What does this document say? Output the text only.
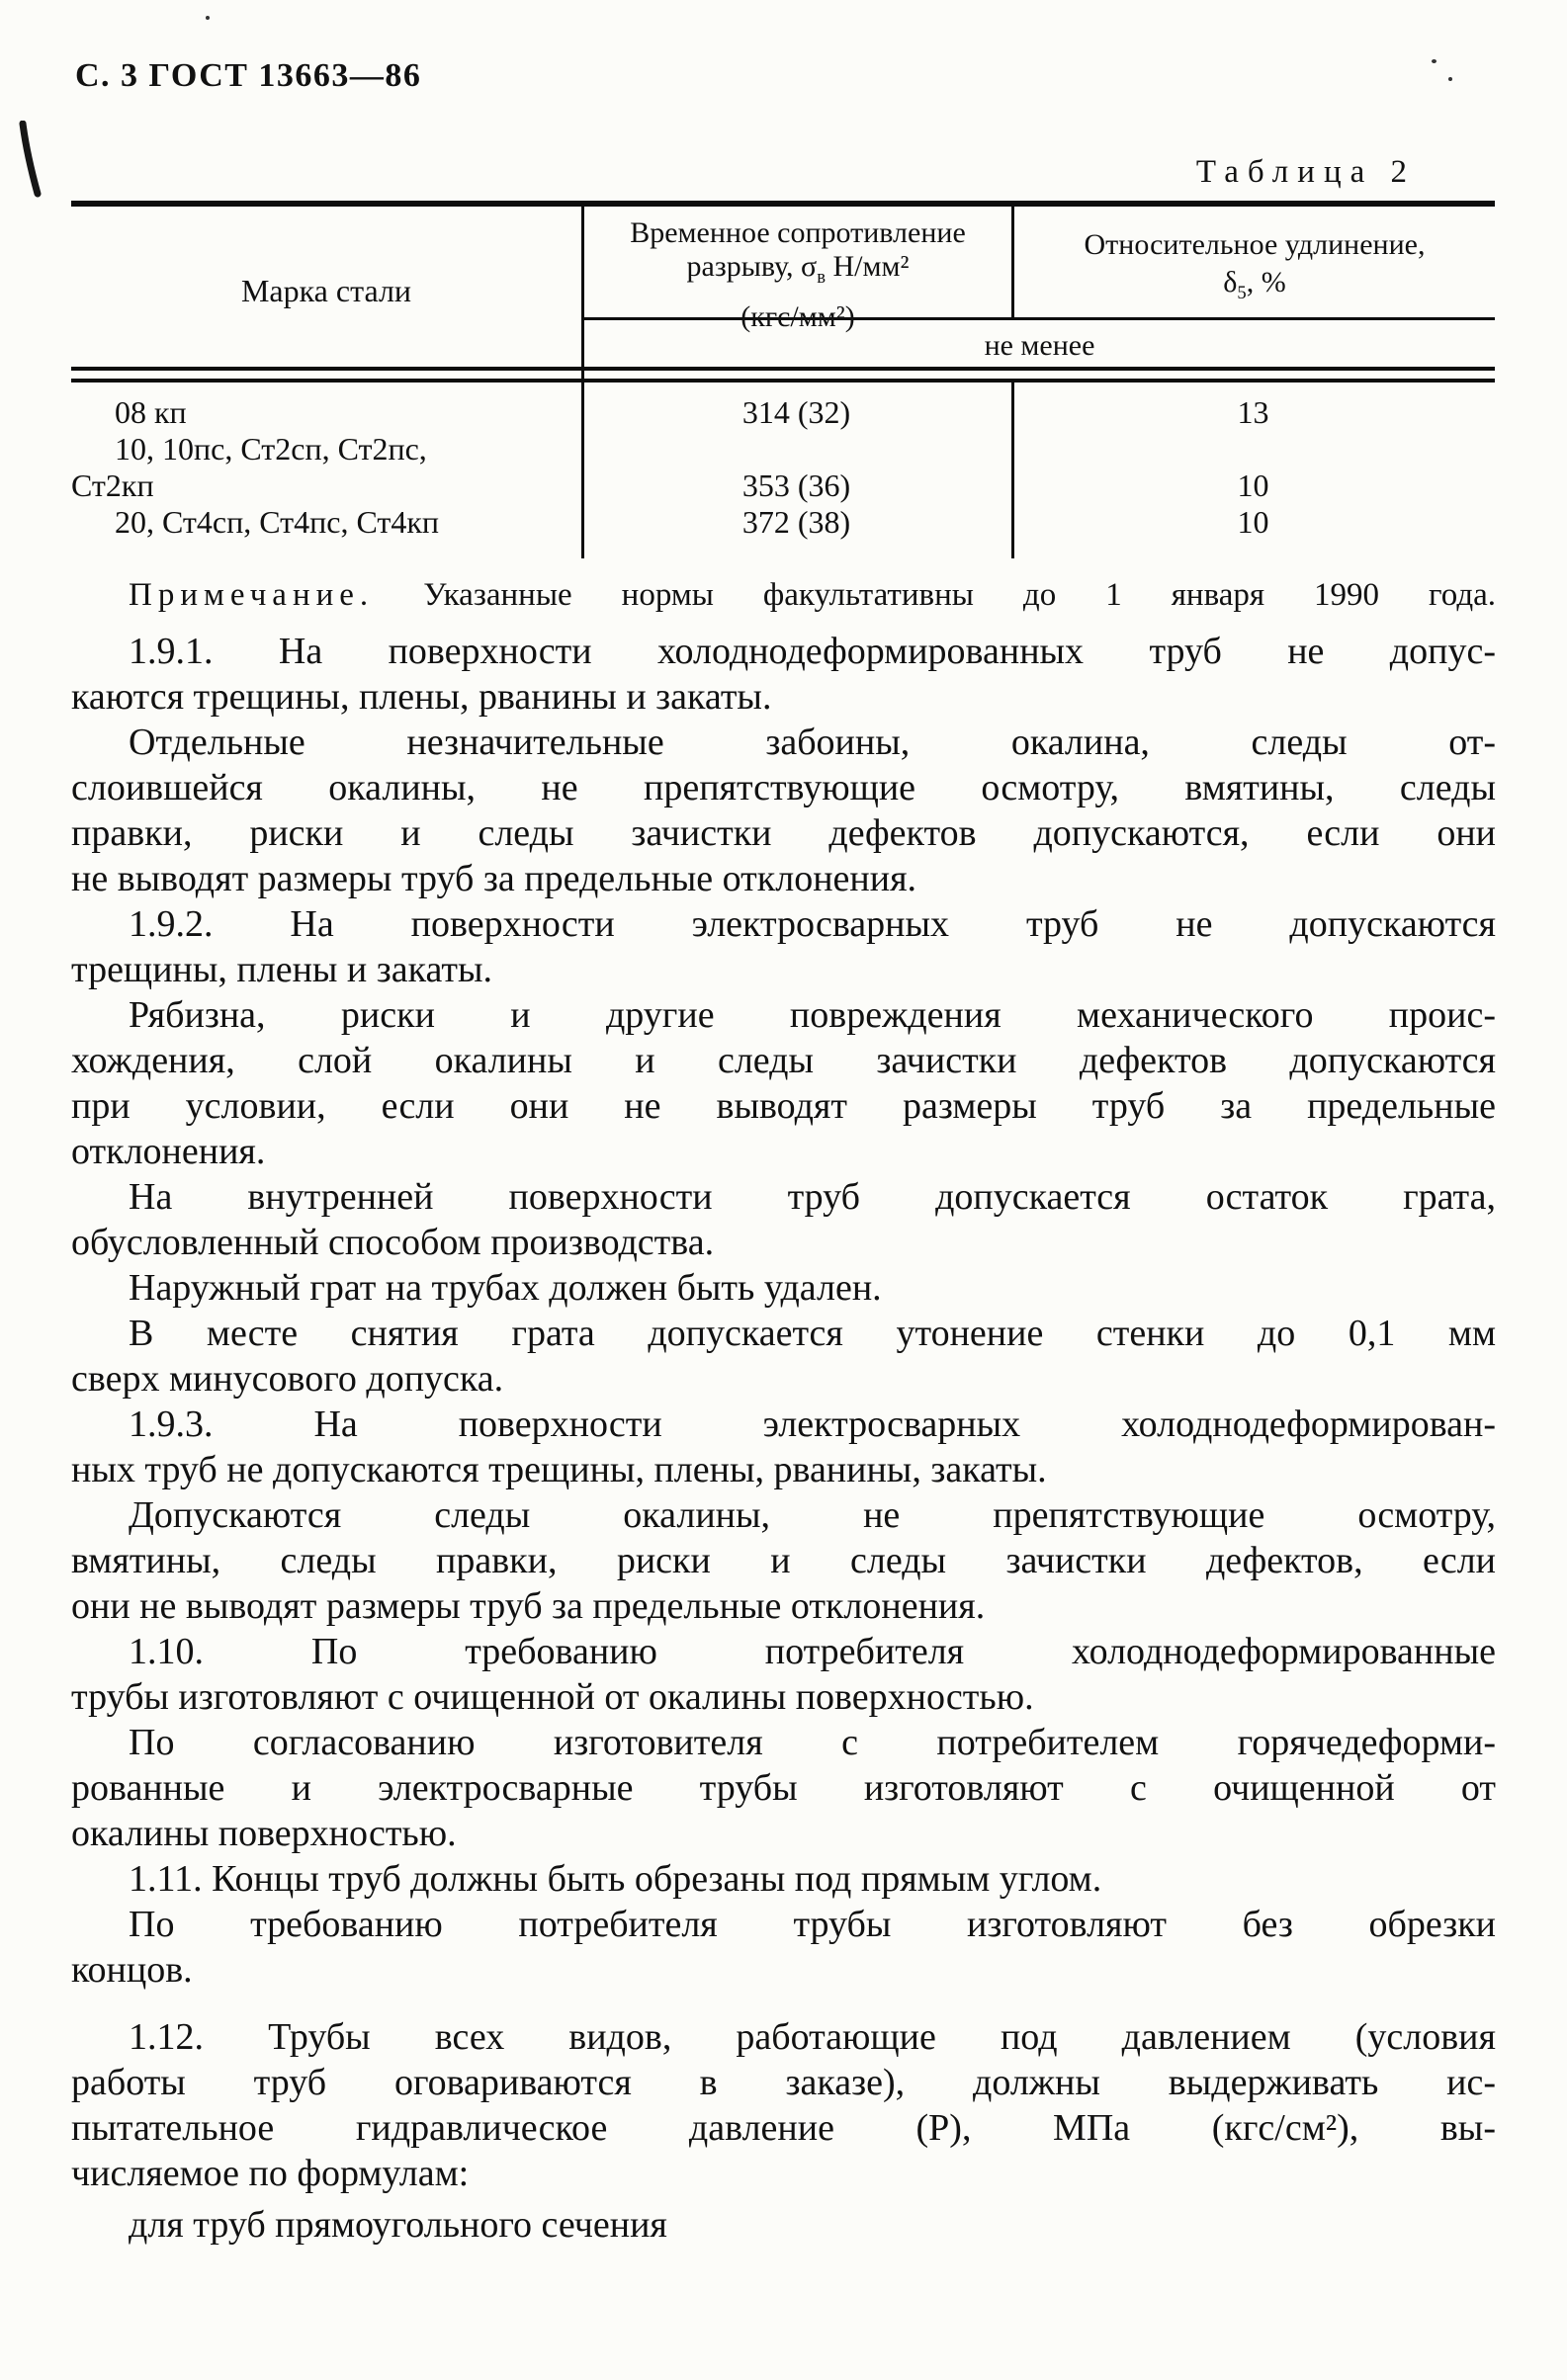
С. 3 ГОСТ 13663—86
Таблица 2
Марка стали
Временное сопротивление
разрыву, $\sigma_в$ Н/мм²
(кгс/мм²)
Относительное удлинение,
$\delta_5$, %
не менее
08 кп	314 (32)	13
10, 10пс, Ст2сп, Ст2пс,
Ст2кп	353 (36)	10
20, Ст4сп, Ст4пс, Ст4кп	372 (38)	10

Примечание. Указанные нормы факультативны до 1 января 1990 года.

1.9.1. На поверхности холоднодеформированных труб не допус-
каются трещины, плены, рванины и закаты.

Отдельные незначительные забоины, окалина, следы от-
слоившейся окалины, не препятствующие осмотру, вмятины, следы
правки, риски и следы зачистки дефектов допускаются, если они
не выводят размеры труб за предельные отклонения.

1.9.2. На поверхности электросварных труб не допускаются
трещины, плены и закаты.

Рябизна, риски и другие повреждения механического проис-
хождения, слой окалины и следы зачистки дефектов допускаются
при условии, если они не выводят размеры труб за предельные
отклонения.

На внутренней поверхности труб допускается остаток грата,
обусловленный способом производства.

Наружный грат на трубах должен быть удален.

В месте снятия грата допускается утонение стенки до 0,1 мм
сверх минусового допуска.

1.9.3. На поверхности электросварных холоднодеформирован-
ных труб не допускаются трещины, плены, рванины, закаты.

Допускаются следы окалины, не препятствующие осмотру,
вмятины, следы правки, риски и следы зачистки дефектов, если
они не выводят размеры труб за предельные отклонения.

1.10. По требованию потребителя холоднодеформированные
трубы изготовляют с очищенной от окалины поверхностью.

По согласованию изготовителя с потребителем горячедеформи-
рованные и электросварные трубы изготовляют с очищенной от
окалины поверхностью.

1.11. Концы труб должны быть обрезаны под прямым углом.

По требованию потребителя трубы изготовляют без обрезки
концов.

1.12. Трубы всех видов, работающие под давлением (условия
работы труб оговариваются в заказе), должны выдерживать ис-
пытательное гидравлическое давление (Р), МПа (кгс/см²), вы-
числяемое по формулам:

для труб прямоугольного сечения
